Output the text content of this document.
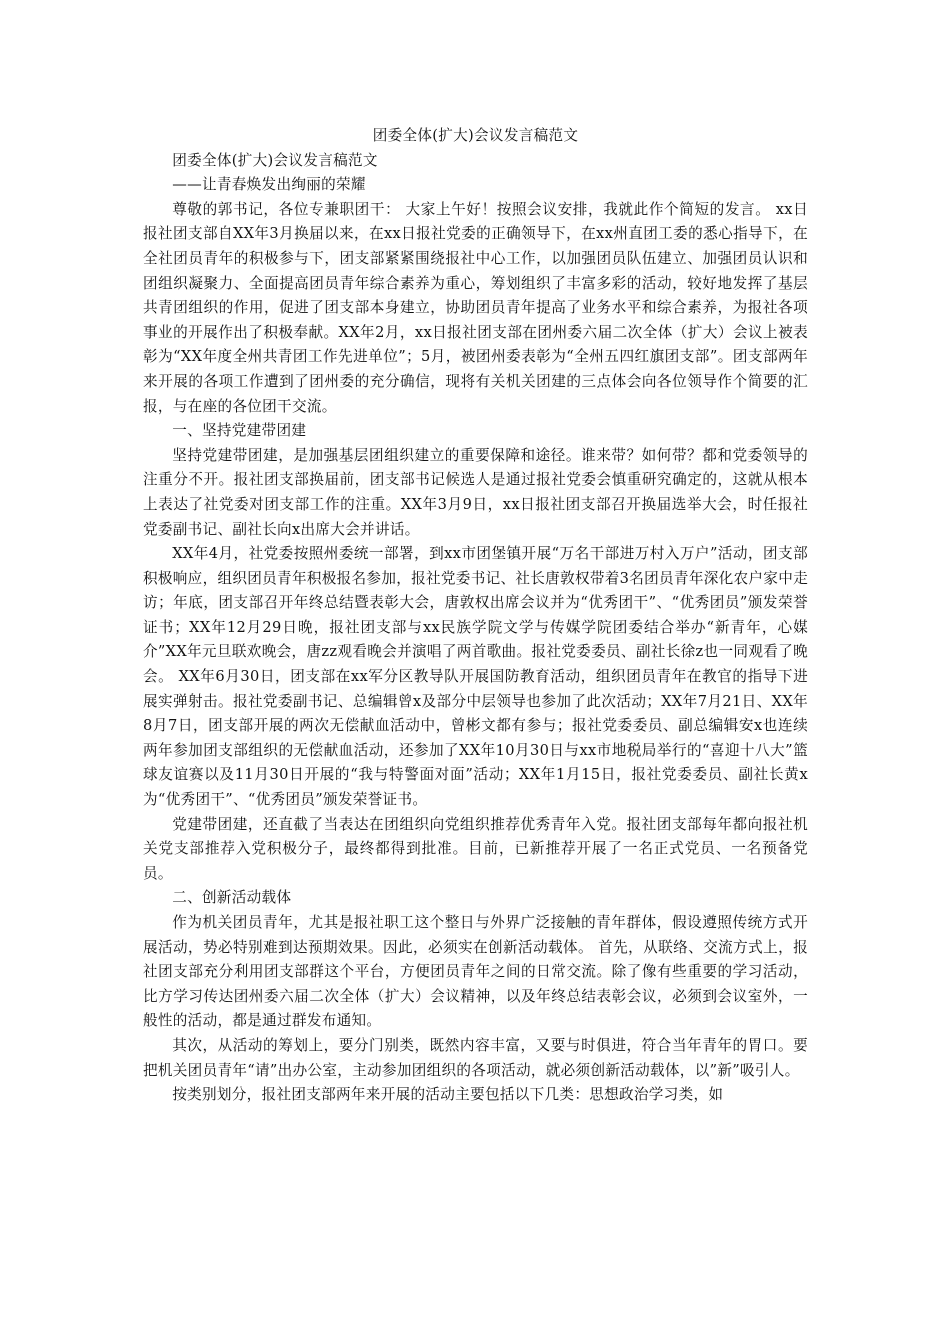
团委全体(扩大)会议发言稿范文

团委全体(扩大)会议发言稿范文

——让青春焕发出绚丽的荣耀

尊敬的郭书记，各位专兼职团干： 大家上午好！按照会议安排，我就此作个简短的发言。 xx日报社团支部自XX年3月换届以来，在xx日报社党委的正确领导下，在xx州直团工委的悉心指导下，在全社团员青年的积极参与下，团支部紧紧围绕报社中心工作，以加强团员队伍建立、加强团员认识和团组织凝聚力、全面提高团员青年综合素养为重心，筹划组织了丰富多彩的活动，较好地发挥了基层共青团组织的作用，促进了团支部本身建立，协助团员青年提高了业务水平和综合素养，为报社各项事业的开展作出了积极奉献。XX年2月，xx日报社团支部在团州委六届二次全体（扩大）会议上被表彰为“XX年度全州共青团工作先进单位”；5月，被团州委表彰为“全州五四红旗团支部”。团支部两年来开展的各项工作遭到了团州委的充分确信，现将有关机关团建的三点体会向各位领导作个简要的汇报，与在座的各位团干交流。

一、坚持党建带团建

坚持党建带团建，是加强基层团组织建立的重要保障和途径。谁来带？如何带？都和党委领导的注重分不开。报社团支部换届前，团支部书记候选人是通过报社党委会慎重研究确定的，这就从根本上表达了社党委对团支部工作的注重。XX年3月9日，xx日报社团支部召开换届选举大会，时任报社党委副书记、副社长向x出席大会并讲话。

XX年4月，社党委按照州委统一部署，到xx市团堡镇开展“万名干部进万村入万户”活动，团支部积极响应，组织团员青年积极报名参加，报社党委书记、社长唐敦权带着3名团员青年深化农户家中走访；年底，团支部召开年终总结暨表彰大会，唐敦权出席会议并为“优秀团干”、“优秀团员”颁发荣誉证书；XX年12月29日晚，报社团支部与xx民族学院文学与传媒学院团委结合举办“新青年，心媒介”XX年元旦联欢晚会，唐zz观看晚会并演唱了两首歌曲。报社党委委员、副社长徐z也一同观看了晚会。 XX年6月30日，团支部在xx军分区教导队开展国防教育活动，组织团员青年在教官的指导下进展实弹射击。报社党委副书记、总编辑曾x及部分中层领导也参加了此次活动；XX年7月21日、XX年8月7日，团支部开展的两次无偿献血活动中，曾彬文都有参与；报社党委委员、副总编辑安x也连续两年参加团支部组织的无偿献血活动，还参加了XX年10月30日与xx市地税局举行的“喜迎十八大”篮球友谊赛以及11月30日开展的“我与特警面对面”活动；XX年1月15日，报社党委委员、副社长黄x为“优秀团干”、“优秀团员”颁发荣誉证书。

党建带团建，还直截了当表达在团组织向党组织推荐优秀青年入党。报社团支部每年都向报社机关党支部推荐入党积极分子，最终都得到批准。目前，已新推荐开展了一名正式党员、一名预备党员。

二、创新活动载体

作为机关团员青年，尤其是报社职工这个整日与外界广泛接触的青年群体，假设遵照传统方式开展活动，势必特别难到达预期效果。因此，必须实在创新活动载体。 首先，从联络、交流方式上，报社团支部充分利用团支部群这个平台，方便团员青年之间的日常交流。除了像有些重要的学习活动，比方学习传达团州委六届二次全体（扩大）会议精神，以及年终总结表彰会议，必须到会议室外，一般性的活动，都是通过群发布通知。

其次，从活动的筹划上，要分门别类，既然内容丰富，又要与时俱进，符合当年青年的胃口。要把机关团员青年“请”出办公室，主动参加团组织的各项活动，就必须创新活动载体，以”新”吸引人。

按类别划分，报社团支部两年来开展的活动主要包括以下几类：思想政治学习类，如
